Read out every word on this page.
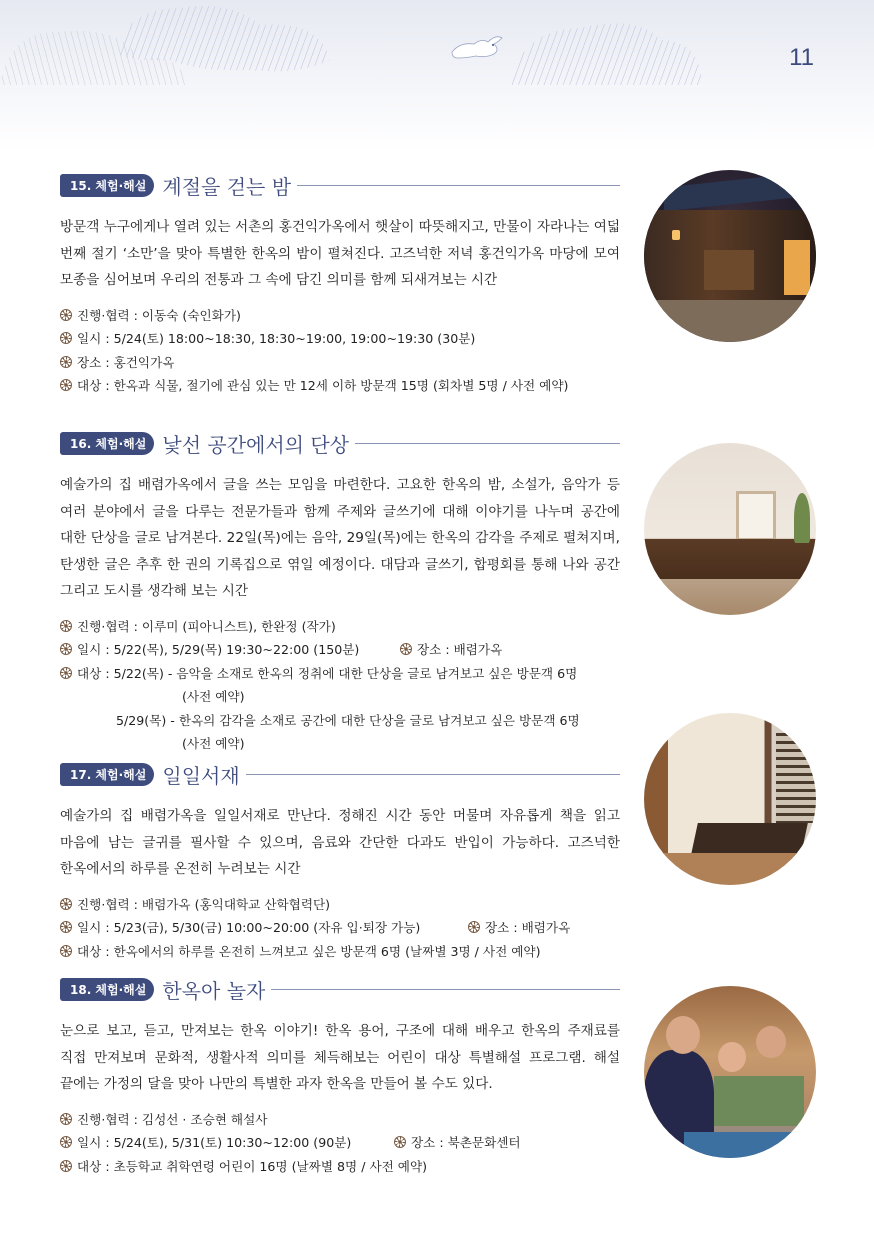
11
15. 체험·해설 계절을 걷는 밤
방문객 누구에게나 열려 있는 서촌의 홍건익가옥에서 햇살이 따뜻해지고, 만물이 자라나는 여덟 번째 절기 ‘소만’을 맞아 특별한 한옥의 밤이 펼쳐진다. 고즈넉한 저녁 홍건익가옥 마당에 모여 모종을 심어보며 우리의 전통과 그 속에 담긴 의미를 함께 되새겨보는 시간
진행·협력 : 이동숙 (숙인화가)
일시 : 5/24(토) 18:00~18:30, 18:30~19:00, 19:00~19:30 (30분)
장소 : 홍건익가옥
대상 : 한옥과 식물, 절기에 관심 있는 만 12세 이하 방문객 15명 (회차별 5명 / 사전 예약)
16. 체험·해설 낯선 공간에서의 단상
예술가의 집 배렴가옥에서 글을 쓰는 모임을 마련한다. 고요한 한옥의 밤, 소설가, 음악가 등 여러 분야에서 글을 다루는 전문가들과 함께 주제와 글쓰기에 대해 이야기를 나누며 공간에 대한 단상을 글로 남겨본다. 22일(목)에는 음악, 29일(목)에는 한옥의 감각을 주제로 펼쳐지며, 탄생한 글은 추후 한 권의 기록집으로 엮일 예정이다. 대담과 글쓰기, 합평회를 통해 나와 공간 그리고 도시를 생각해 보는 시간
진행·협력 : 이루미 (피아니스트), 한완정 (작가)
일시 : 5/22(목), 5/29(목) 19:30~22:00 (150분)	장소 : 배렴가옥
대상 : 5/22(목) - 음악을 소재로 한옥의 정취에 대한 단상을 글로 남겨보고 싶은 방문객 6명
(사전 예약)
5/29(목) - 한옥의 감각을 소재로 공간에 대한 단상을 글로 남겨보고 싶은 방문객 6명
(사전 예약)
17. 체험·해설 일일서재
예술가의 집 배렴가옥을 일일서재로 만난다. 정해진 시간 동안 머물며 자유롭게 책을 읽고 마음에 남는 글귀를 필사할 수 있으며, 음료와 간단한 다과도 반입이 가능하다. 고즈넉한 한옥에서의 하루를 온전히 누려보는 시간
진행·협력 : 배렴가옥 (홍익대학교 산학협력단)
일시 : 5/23(금), 5/30(금) 10:00~20:00 (자유 입·퇴장 가능)	장소 : 배렴가옥
대상 : 한옥에서의 하루를 온전히 느껴보고 싶은 방문객 6명 (날짜별 3명 / 사전 예약)
18. 체험·해설 한옥아 놀자
눈으로 보고, 듣고, 만져보는 한옥 이야기! 한옥 용어, 구조에 대해 배우고 한옥의 주재료를 직접 만져보며 문화적, 생활사적 의미를 체득해보는 어린이 대상 특별해설 프로그램. 해설 끝에는 가정의 달을 맞아 나만의 특별한 과자 한옥을 만들어 볼 수도 있다.
진행·협력 : 김성선 · 조승현 해설사
일시 : 5/24(토), 5/31(토) 10:30~12:00 (90분)	장소 : 북촌문화센터
대상 : 초등학교 취학연령 어린이 16명 (날짜별 8명 / 사전 예약)
